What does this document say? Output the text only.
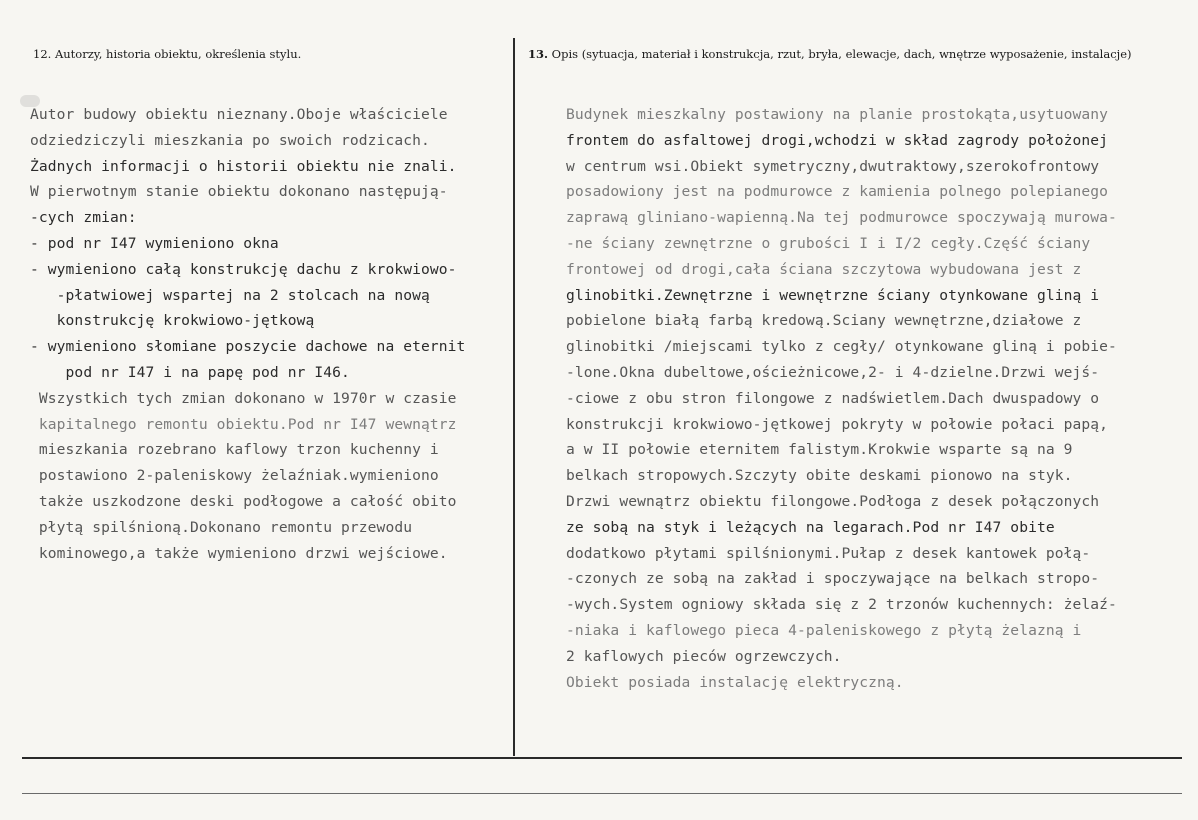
12. Autorzy, historia obiektu, określenia stylu.	13. Opis (sytuacja, materiał i konstrukcja, rzut, bryła, elewacje, dach, wnętrze wyposażenie, instalacje)
Autor budowy obiektu nieznany.Oboje właściciele
odziedziczyli mieszkania po swoich rodzicach.
Żadnych informacji o historii obiektu nie znali.
W pierwotnym stanie obiektu dokonano następują-
-cych zmian:
- pod nr I47 wymieniono okna
- wymieniono całą konstrukcję dachu z krokwiowo-
-płatwiowej wspartej na 2 stolcach na nową
konstrukcję krokwiowo-jętkową
- wymieniono słomiane poszycie dachowe na eternit
pod nr I47 i na papę pod nr I46.
Wszystkich tych zmian dokonano w 1970r w czasie
kapitalnego remontu obiektu.Pod nr I47 wewnątrz
mieszkania rozebrano kaflowy trzon kuchenny i
postawiono 2-paleniskowy żelaźniak.wymieniono
także uszkodzone deski podłogowe a całość obito
płytą spilśnioną.Dokonano remontu przewodu
kominowego,a także wymieniono drzwi wejściowe.
Budynek mieszkalny postawiony na planie prostokąta,usytuowany
frontem do asfaltowej drogi,wchodzi w skład zagrody położonej
w centrum wsi.Obiekt symetryczny,dwutraktowy,szerokofrontowy
posadowiony jest na podmurowce z kamienia polnego polepianego
zaprawą gliniano-wapienną.Na tej podmurowce spoczywają murowa-
-ne ściany zewnętrzne o grubości I i I/2 cegły.Część ściany
frontowej od drogi,cała ściana szczytowa wybudowana jest z
glinobitki.Zewnętrzne i wewnętrzne ściany otynkowane gliną i
pobielone białą farbą kredową.Sciany wewnętrzne,działowe z
glinobitki /miejscami tylko z cegły/ otynkowane gliną i pobie-
-lone.Okna dubeltowe,ościeżnicowe,2- i 4-dzielne.Drzwi wejś-
-ciowe z obu stron filongowe z nadświetlem.Dach dwuspadowy o
konstrukcji krokwiowo-jętkowej pokryty w połowie połaci papą,
a w II połowie eternitem falistym.Krokwie wsparte są na 9
belkach stropowych.Szczyty obite deskami pionowo na styk.
Drzwi wewnątrz obiektu filongowe.Podłoga z desek połączonych
ze sobą na styk i leżących na legarach.Pod nr I47 obite
dodatkowo płytami spilśnionymi.Pułap z desek kantowek połą-
-czonych ze sobą na zakład i spoczywające na belkach stropo-
-wych.System ogniowy składa się z 2 trzonów kuchennych: żelaź-
-niaka i kaflowego pieca 4-paleniskowego z płytą żelazną i
2 kaflowych pieców ogrzewczych.
Obiekt posiada instalację elektryczną.
